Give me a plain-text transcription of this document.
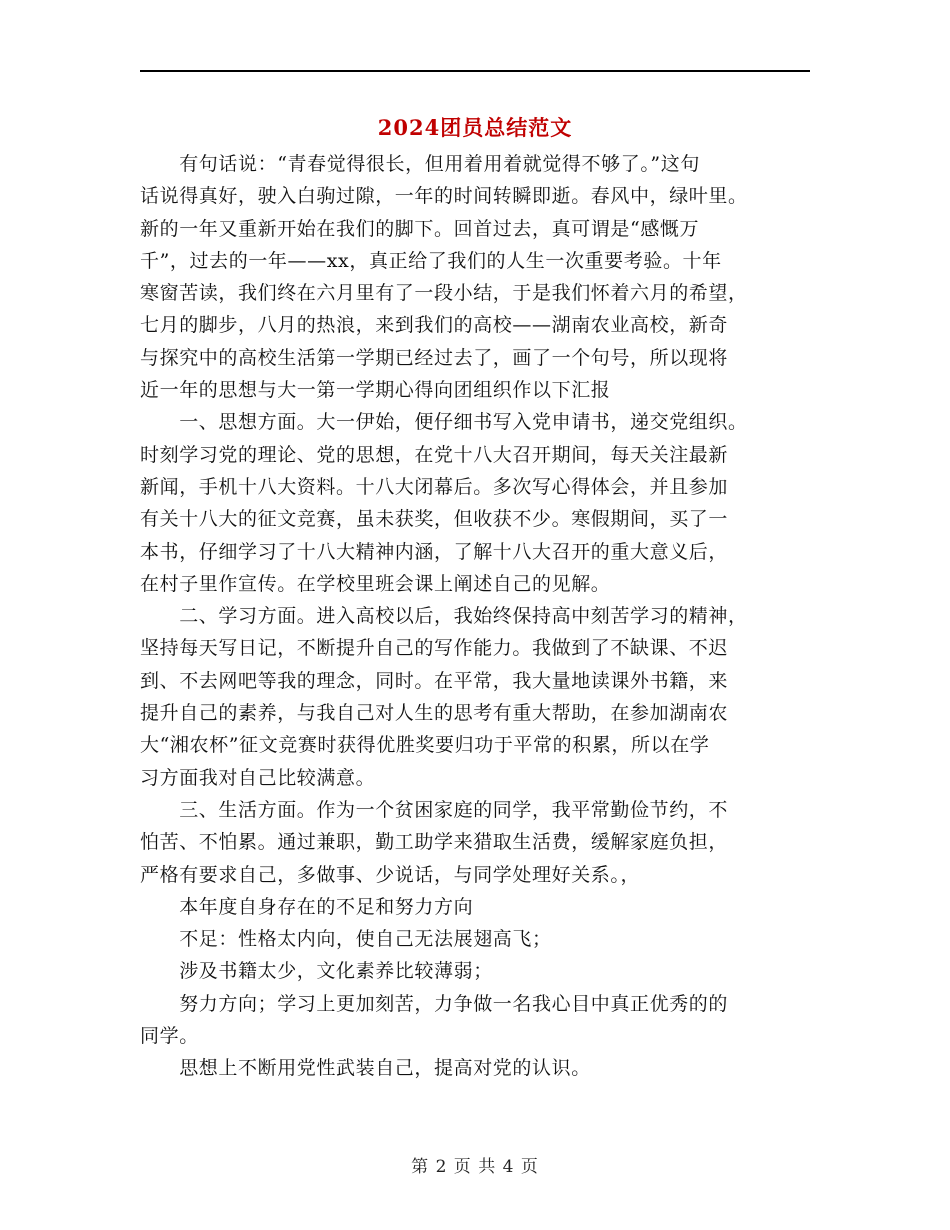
2024团员总结范文

　　有句话说：“青春觉得很长，但用着用着就觉得不够了。”这句
话说得真好，驶入白驹过隙，一年的时间转瞬即逝。春风中，绿叶里。
新的一年又重新开始在我们的脚下。回首过去，真可谓是“感慨万
千”，过去的一年——xx，真正给了我们的人生一次重要考验。十年
寒窗苦读，我们终在六月里有了一段小结，于是我们怀着六月的希望，
七月的脚步，八月的热浪，来到我们的高校——湖南农业高校，新奇
与探究中的高校生活第一学期已经过去了，画了一个句号，所以现将
近一年的思想与大一第一学期心得向团组织作以下汇报

　　一、思想方面。大一伊始，便仔细书写入党申请书，递交党组织。
时刻学习党的理论、党的思想，在党十八大召开期间，每天关注最新
新闻，手机十八大资料。十八大闭幕后。多次写心得体会，并且参加
有关十八大的征文竞赛，虽未获奖，但收获不少。寒假期间，买了一
本书，仔细学习了十八大精神内涵，了解十八大召开的重大意义后，
在村子里作宣传。在学校里班会课上阐述自己的见解。

　　二、学习方面。进入高校以后，我始终保持高中刻苦学习的精神，
坚持每天写日记，不断提升自己的写作能力。我做到了不缺课、不迟
到、不去网吧等我的理念，同时。在平常，我大量地读课外书籍，来
提升自己的素养，与我自己对人生的思考有重大帮助，在参加湖南农
大“湘农杯”征文竞赛时获得优胜奖要归功于平常的积累，所以在学
习方面我对自己比较满意。

　　三、生活方面。作为一个贫困家庭的同学，我平常勤俭节约，不
怕苦、不怕累。通过兼职，勤工助学来猎取生活费，缓解家庭负担，
严格有要求自己，多做事、少说话，与同学处理好关系。，

　　本年度自身存在的不足和努力方向

　　不足：性格太内向，使自己无法展翅高飞；

　　涉及书籍太少，文化素养比较薄弱；

　　努力方向；学习上更加刻苦，力争做一名我心目中真正优秀的的
同学。

　　思想上不断用党性武装自己，提高对党的认识。

第 2 页 共 4 页
